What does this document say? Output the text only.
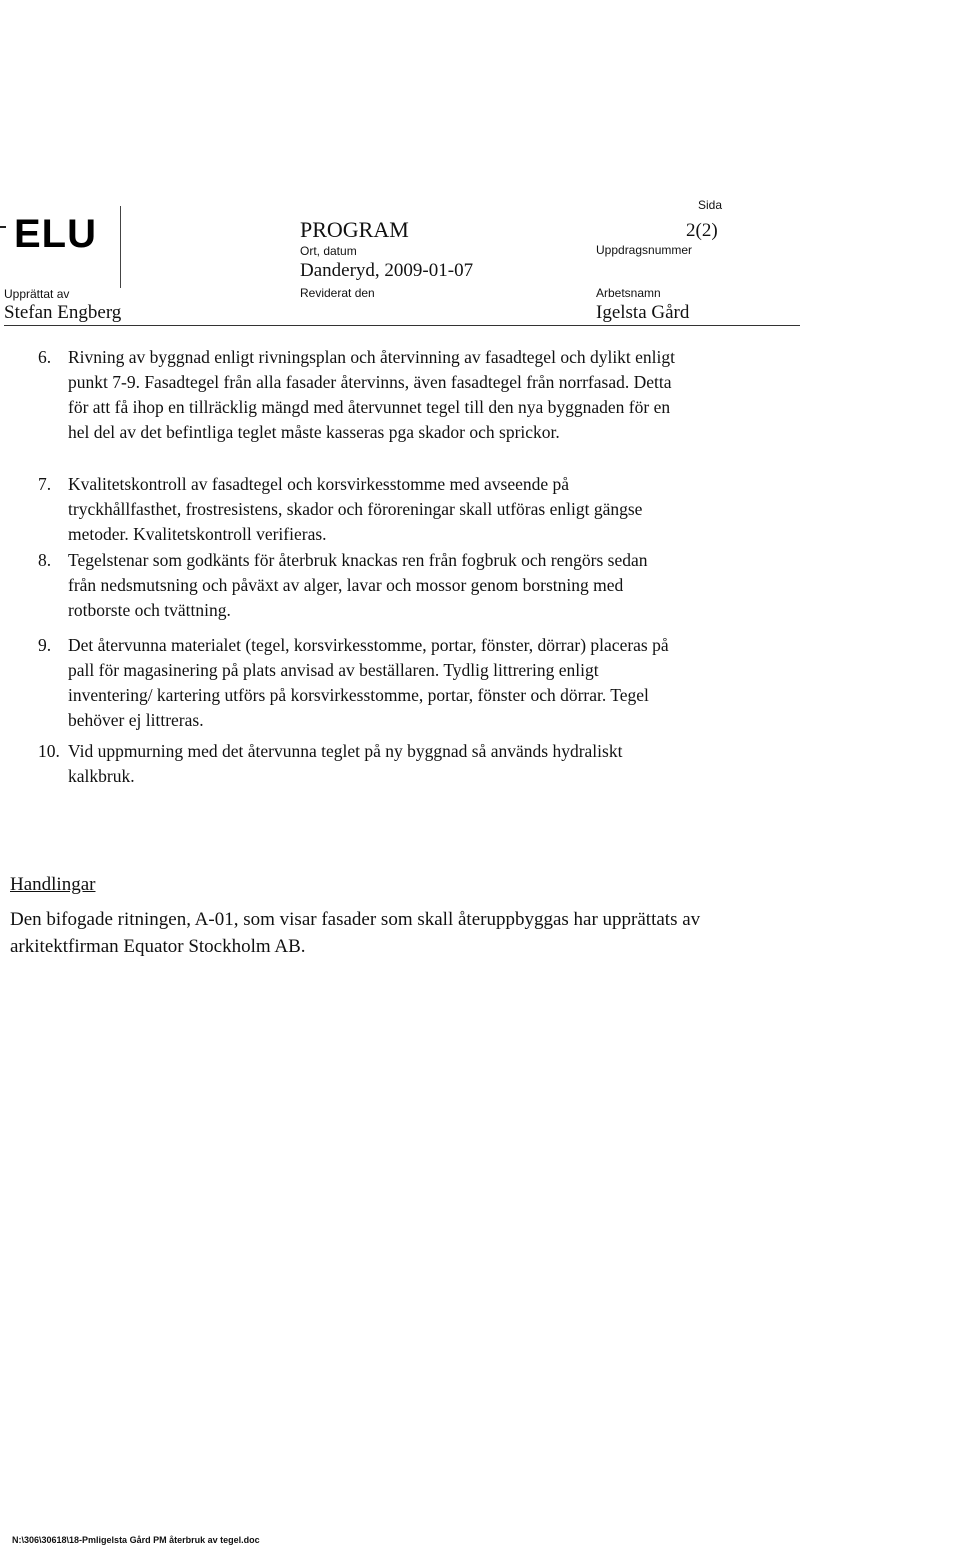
ELU
Upprättat av
Stefan Engberg
PROGRAM
Ort, datum
Danderyd, 2009-01-07
Reviderat den
Sida
2(2)
Uppdragsnummer
Arbetsnamn
Igelsta Gård
6. Rivning av byggnad enligt rivningsplan och återvinning av fasadtegel och dylikt enligt
punkt 7-9. Fasadtegel från alla fasader återvinns, även fasadtegel från norrfasad. Detta
för att få ihop en tillräcklig mängd med återvunnet tegel till den nya byggnaden för en
hel del av det befintliga teglet måste kasseras pga skador och sprickor.
7. Kvalitetskontroll av fasadtegel och korsvirkesstomme med avseende på
tryckhållfasthet, frostresistens, skador och föroreningar skall utföras enligt gängse
metoder. Kvalitetskontroll verifieras.
8. Tegelstenar som godkänts för återbruk knackas ren från fogbruk och rengörs sedan
från nedsmutsning och påväxt av alger, lavar och mossor genom borstning med
rotborste och tvättning.
9. Det återvunna materialet (tegel, korsvirkesstomme, portar, fönster, dörrar) placeras på
pall för magasinering på plats anvisad av beställaren. Tydlig littrering enligt
inventering/ kartering utförs på korsvirkesstomme, portar, fönster och dörrar. Tegel
behöver ej littreras.
10. Vid uppmurning med det återvunna teglet på ny byggnad så används hydraliskt
kalkbruk.
Handlingar
Den bifogade ritningen, A-01, som visar fasader som skall återuppbyggas har upprättats av
arkitektfirman Equator Stockholm AB.
N:\306\30618\18-Pmligelsta Gård PM återbruk av tegel.doc
